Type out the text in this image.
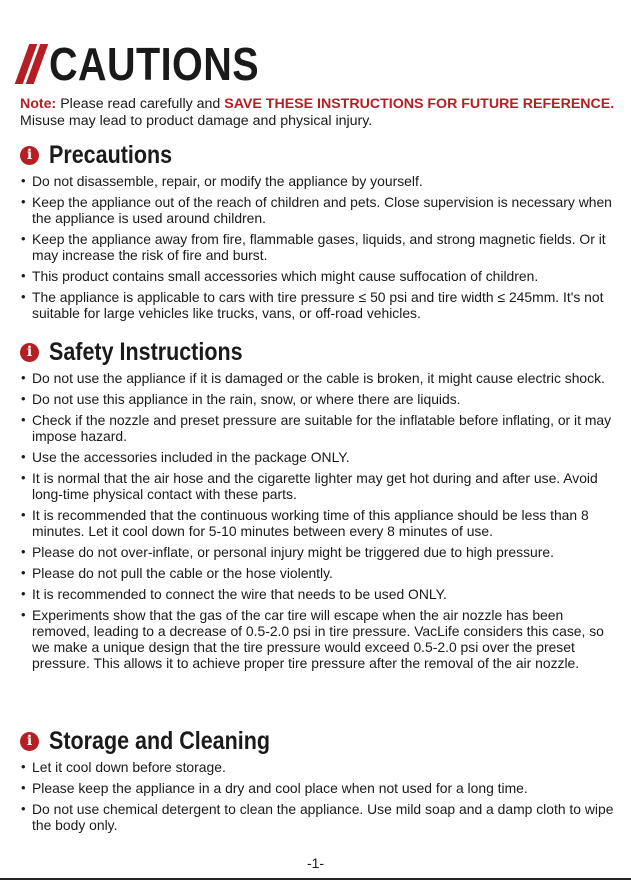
CAUTIONS
Note: Please read carefully and SAVE THESE INSTRUCTIONS FOR FUTURE REFERENCE.
Misuse may lead to product damage and physical injury.
i Precautions
• Do not disassemble, repair, or modify the appliance by yourself.
• Keep the appliance out of the reach of children and pets. Close supervision is necessary when the appliance is used around children.
• Keep the appliance away from fire, flammable gases, liquids, and strong magnetic fields. Or it may increase the risk of fire and burst.
• This product contains small accessories which might cause suffocation of children.
• The appliance is applicable to cars with tire pressure ≤ 50 psi and tire width ≤ 245mm. It's not suitable for large vehicles like trucks, vans, or off-road vehicles.
i Safety Instructions
• Do not use the appliance if it is damaged or the cable is broken, it might cause electric shock.
• Do not use this appliance in the rain, snow, or where there are liquids.
• Check if the nozzle and preset pressure are suitable for the inflatable before inflating, or it may impose hazard.
• Use the accessories included in the package ONLY.
• It is normal that the air hose and the cigarette lighter may get hot during and after use. Avoid long-time physical contact with these parts.
• It is recommended that the continuous working time of this appliance should be less than 8 minutes. Let it cool down for 5-10 minutes between every 8 minutes of use.
• Please do not over-inflate, or personal injury might be triggered due to high pressure.
• Please do not pull the cable or the hose violently.
• It is recommended to connect the wire that needs to be used ONLY.
• Experiments show that the gas of the car tire will escape when the air nozzle has been removed, leading to a decrease of 0.5-2.0 psi in tire pressure. VacLife considers this case, so we make a unique design that the tire pressure would exceed 0.5-2.0 psi over the preset pressure. This allows it to achieve proper tire pressure after the removal of the air nozzle.
i Storage and Cleaning
• Let it cool down before storage.
• Please keep the appliance in a dry and cool place when not used for a long time.
• Do not use chemical detergent to clean the appliance. Use mild soap and a damp cloth to wipe the body only.
-1-
